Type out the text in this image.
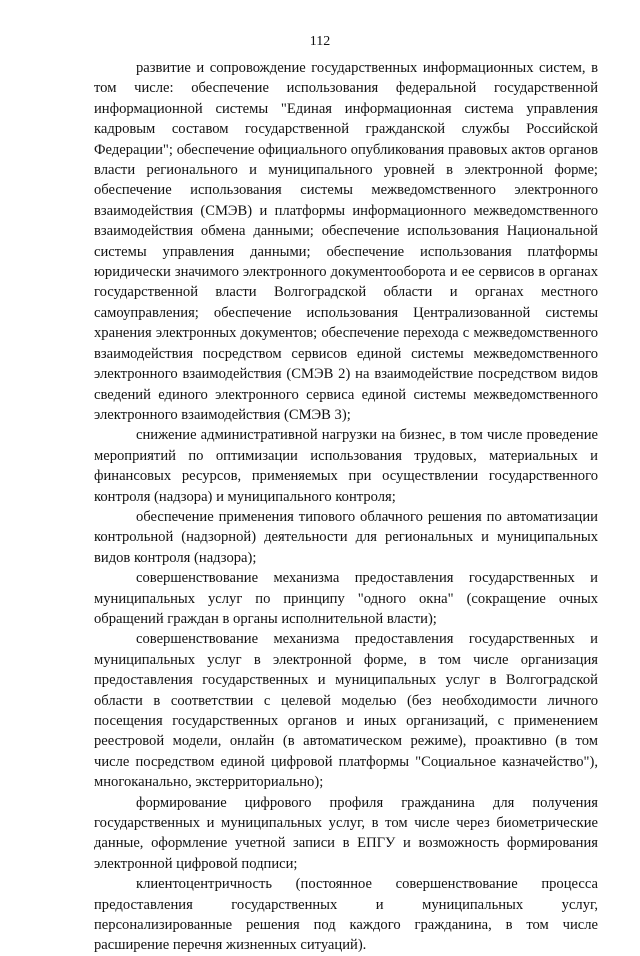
112

развитие и сопровождение государственных информационных систем, в том числе: обеспечение использования федеральной государственной информационной системы "Единая информационная система управления кадровым составом государственной гражданской службы Российской Федерации"; обеспечение официального опубликования правовых актов органов власти регионального и муниципального уровней в электронной форме; обеспечение использования системы межведомственного электронного взаимодействия (СМЭВ) и платформы информационного межведомственного взаимодействия обмена данными; обеспечение использования Национальной системы управления данными; обеспечение использования платформы юридически значимого электронного документооборота и ее сервисов в органах государственной власти Волгоградской области и органах местного самоуправления; обеспечение использования Централизованной системы хранения электронных документов; обеспечение перехода с межведомственного взаимодействия посредством сервисов единой системы межведомственного электронного взаимодействия (СМЭВ 2) на взаимодействие посредством видов сведений единого электронного сервиса единой системы межведомственного электронного взаимодействия (СМЭВ 3);

снижение административной нагрузки на бизнес, в том числе проведение мероприятий по оптимизации использования трудовых, материальных и финансовых ресурсов, применяемых при осуществлении государственного контроля (надзора) и муниципального контроля;

обеспечение применения типового облачного решения по автоматизации контрольной (надзорной) деятельности для региональных и муниципальных видов контроля (надзора);

совершенствование механизма предоставления государственных и муниципальных услуг по принципу "одного окна" (сокращение очных обращений граждан в органы исполнительной власти);

совершенствование механизма предоставления государственных и муниципальных услуг в электронной форме, в том числе организация предоставления государственных и муниципальных услуг в Волгоградской области в соответствии с целевой моделью (без необходимости личного посещения государственных органов и иных организаций, с применением реестровой модели, онлайн (в автоматическом режиме), проактивно (в том числе посредством единой цифровой платформы "Социальное казначейство"), многоканально, экстерриториально);

формирование цифрового профиля гражданина для получения государственных и муниципальных услуг, в том числе через биометрические данные, оформление учетной записи в ЕПГУ и возможность формирования электронной цифровой подписи;

клиентоцентричность (постоянное совершенствование процесса предоставления государственных и муниципальных услуг, персонализированные решения под каждого гражданина, в том числе расширение перечня жизненных ситуаций).
